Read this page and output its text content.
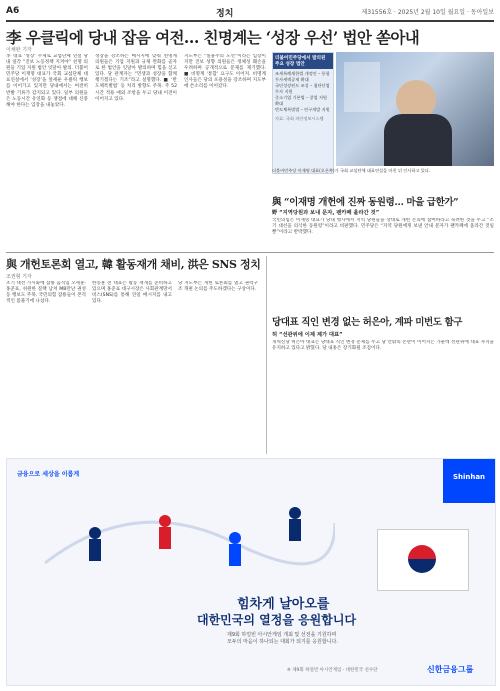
A6	정치	제31556호 · 2025년 2월 10일 월요일 · 동아일보
李 우클릭에 당내 잡음 여전… 친명계는 ‘성장 우선’ 법안 쏟아내
이채완 기자
李 대표 ‘성장’ 주제로 교섭단체 연설 당내 일각 “진보 노동정책 지켜야” 친명 의원들 기업 지원 법안 잇달아 발의. 더불어민주당 이재명 대표가 국회 교섭단체 대표연설에서 ‘성장’을 앞세운 우클릭 행보를 이어가고 있지만 당내에서는 여전히 반발 기류가 감지되고 있다. 일부 의원들은 노동시간 유연화 등 쟁점에 대해 신중해야 한다는 입장을 내놓았다.
성장을 강조하는 메시지에 맞춰 친명계 의원들은 기업 지원과 규제 완화를 골자로 한 법안을 잇달아 발의하며 힘을 싣고 있다. 당 관계자는 “민생과 성장을 함께 챙기겠다는 기조”라고 설명했다. ■ ‘반도체특별법’ 등 처리 방향도 주목. 주 52시간 적용 예외 조항을 두고 당내 이견이 이어지고 있다.
지도부는 “실용주의 노선”이라는 입장이지만 진보 성향 의원들은 정체성 훼손을 우려하며 공개적으로 문제를 제기했다. ■ 비명계 ‘통합’ 요구도 이어져. 비명계 인사들은 당의 포용성을 강조하며 지도부에 쓴소리를 이어갔다.
더불어민주당에서 발의된 주요 성장 법안
조세특례제한법 개정안 – 통합투자세액공제 확대
국민성장펀드 조성 – 첨단산업 투자 지원
중소기업 기본법 – 창업 지원 확대
반도체특별법 – 연구개발 지원
자료: 국회 의안정보시스템
더불어민주당 이재명 대표(오른쪽)가 국회 교섭단체 대표연설을 마친 뒤 인사하고 있다.
與 “이재명 개헌에 진짜 동원령… 마을 급한가”
野 “지역당원과 보내 문자, 팬카페 올라간 것”
국민의힘은 이재명 대표가 당내 행사에서 지역 당원들을 상대로 개헌 논의에 참여하라고 독려한 것을 두고 “조기 대선을 의식한 동원령”이라고 비판했다. 민주당은 “지역 당원에게 보낸 안내 문자가 팬카페에 올라간 것일 뿐”이라고 반박했다.
與 개헌토론회 열고, 韓 활동재개 채비, 洪은 SNS 정치
조권형 기자
조기 대선 가시화에 잠룡 움직임 오세훈·홍준표, 쉬원한 질책 남쳐 MB만난 권성동 행보도 주목. 국민의힘 잠룡들이 본격적인 몸풀기에 나섰다.
한동훈 전 대표는 활동 재개를 준비하고 있으며 홍준표 대구시장은 사회관계망서비스(SNS)를 통해 연일 메시지를 내고 있다.
당 지도부는 개헌 토론회를 열고 권력구조 개편 논의를 주도하겠다는 구상이다.
당대표 직인 변경 없는 허은아, 계파 미번도 함구
허 “선관위에 이제 제가 대표”
개혁신당 허은아 대표는 당대표 직인 변경 문제를 두고 당 안팎의 논란이 이어지는 가운데 선관위에 대표 자격을 유지하고 있다고 밝혔다. 당 내홍은 장기화될 조짐이다.
금융으로 세상을 이롭게	Shinhan
힘차게 날아오를
대한민국의 열정을 응원합니다
제9회 하얼빈 아시안게임 개최 및 선전을 기원하며
모두의 마음이 하나되는 대회가 되기를 응원합니다.
※ 제9회 하얼빈 아시안게임 · 대한민국 선수단	신한금융그룹
